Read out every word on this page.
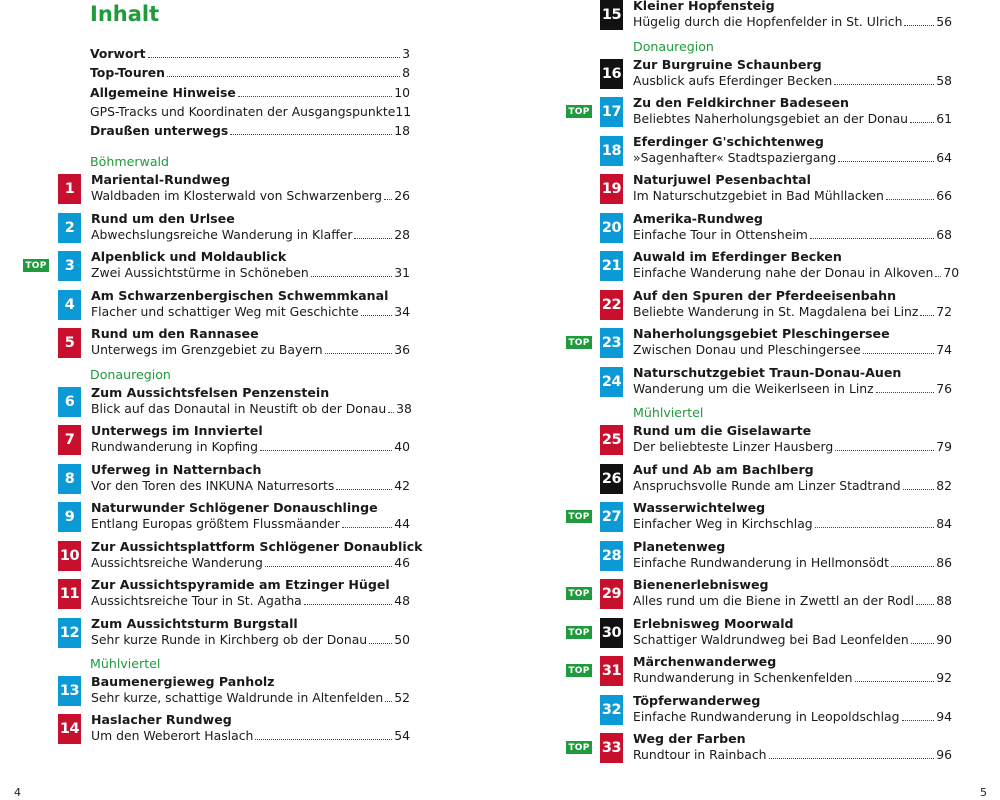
Inhalt
Vorwort	3
Top-Touren	8
Allgemeine Hinweise	10
GPS-Tracks und Koordinaten der Ausgangspunkte 11
Draußen unterwegs	18
Böhmerwald
Donauregion
Mühlviertel
Donauregion
Mühlviertel
1
Mariental-Rundweg
Waldbaden im Klosterwald von Schwarzenberg 26
2
Rund um den Urlsee
Abwechslungsreiche Wanderung in Klaffer	28
TOP	3
Alpenblick und Moldaublick
Zwei Aussichtstürme in Schöneben	31
4
Am Schwarzenbergischen Schwemmkanal
Flacher und schattiger Weg mit Geschichte	34
5
Rund um den Rannasee
Unterwegs im Grenzgebiet zu Bayern	36
6
Zum Aussichtsfelsen Penzenstein
Blick auf das Donautal in Neustift ob der Donau 38
7
Unterwegs im Innviertel
Rundwanderung in Kopfing	40
8
Uferweg in Natternbach
Vor den Toren des INKUNA Naturresorts	42
9
Naturwunder Schlögener Donauschlinge
Entlang Europas größtem Flussmäander	44
10
Zur Aussichtsplattform Schlögener Donaublick
Aussichtsreiche Wanderung	46
11
Zur Aussichtspyramide am Etzinger Hügel
Aussichtsreiche Tour in St. Agatha	48
12
Zum Aussichtsturm Burgstall
Sehr kurze Runde in Kirchberg ob der Donau 50
13
Baumenergieweg Panholz
Sehr kurze, schattige Waldrunde in Altenfelden 52
14
Haslacher Rundweg
Um den Weberort Haslach	54
15
Kleiner Hopfensteig
Hügelig durch die Hopfenfelder in St. Ulrich	56
16
Zur Burgruine Schaunberg
Ausblick aufs Eferdinger Becken	58
TOP 17
Zu den Feldkirchner Badeseen
Beliebtes Naherholungsgebiet an der Donau 61
18
Eferdinger G'schichtenweg
»Sagenhafter« Stadtspaziergang	64
19
Naturjuwel Pesenbachtal
Im Naturschutzgebiet in Bad Mühllacken	66
20
Amerika-Rundweg
Einfache Tour in Ottensheim	68
21
Auwald im Eferdinger Becken
Einfache Wanderung nahe der Donau in Alkoven 70
22
Auf den Spuren der Pferdeeisenbahn
Beliebte Wanderung in St. Magdalena bei Linz 72
TOP 23
Naherholungsgebiet Pleschingersee
Zwischen Donau und Pleschingersee	74
24
Naturschutzgebiet Traun-Donau-Auen
Wanderung um die Weikerlseen in Linz	76
25
Rund um die Giselawarte
Der beliebteste Linzer Hausberg	79
26
Auf und Ab am Bachlberg
Anspruchsvolle Runde am Linzer Stadtrand	82
TOP 27
Wasserwichtelweg
Einfacher Weg in Kirchschlag	84
28
Planetenweg
Einfache Rundwanderung in Hellmonsödt	86
TOP 29
Bienenerlebnisweg
Alles rund um die Biene in Zwettl an der Rodl 88
TOP 30
Erlebnisweg Moorwald
Schattiger Waldrundweg bei Bad Leonfelden 90
TOP 31
Märchenwanderweg
Rundwanderung in Schenkenfelden	92
32
Töpferwanderweg
Einfache Rundwanderung in Leopoldschlag	94
TOP 33
Weg der Farben
Rundtour in Rainbach	96
4	5
